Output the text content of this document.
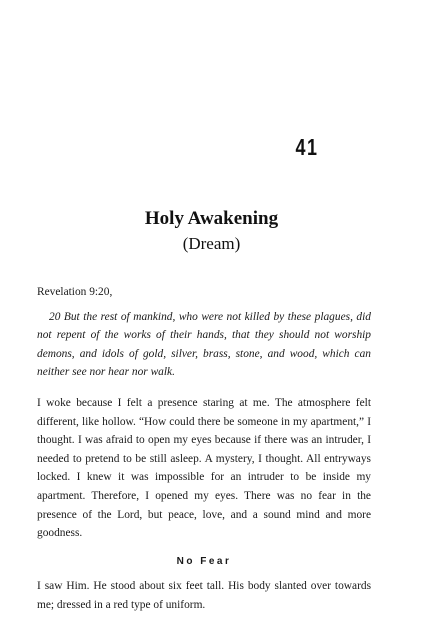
41
Holy Awakening
(Dream)

Revelation 9:20,

20 But the rest of mankind, who were not killed by these plagues, did not repent of the works of their hands, that they should not worship demons, and idols of gold, silver, brass, stone, and wood, which can neither see nor hear nor walk.

I woke because I felt a presence staring at me. The atmosphere felt different, like hollow. “How could there be someone in my apartment,” I thought. I was afraid to open my eyes because if there was an intruder, I needed to pretend to be still asleep. A mystery, I thought. All entryways locked. I knew it was impossible for an intruder to be inside my apartment. Therefore, I opened my eyes. There was no fear in the presence of the Lord, but peace, love, and a sound mind and more goodness.

No Fear

I saw Him. He stood about six feet tall. His body slanted over towards me; dressed in a red type of uniform.
